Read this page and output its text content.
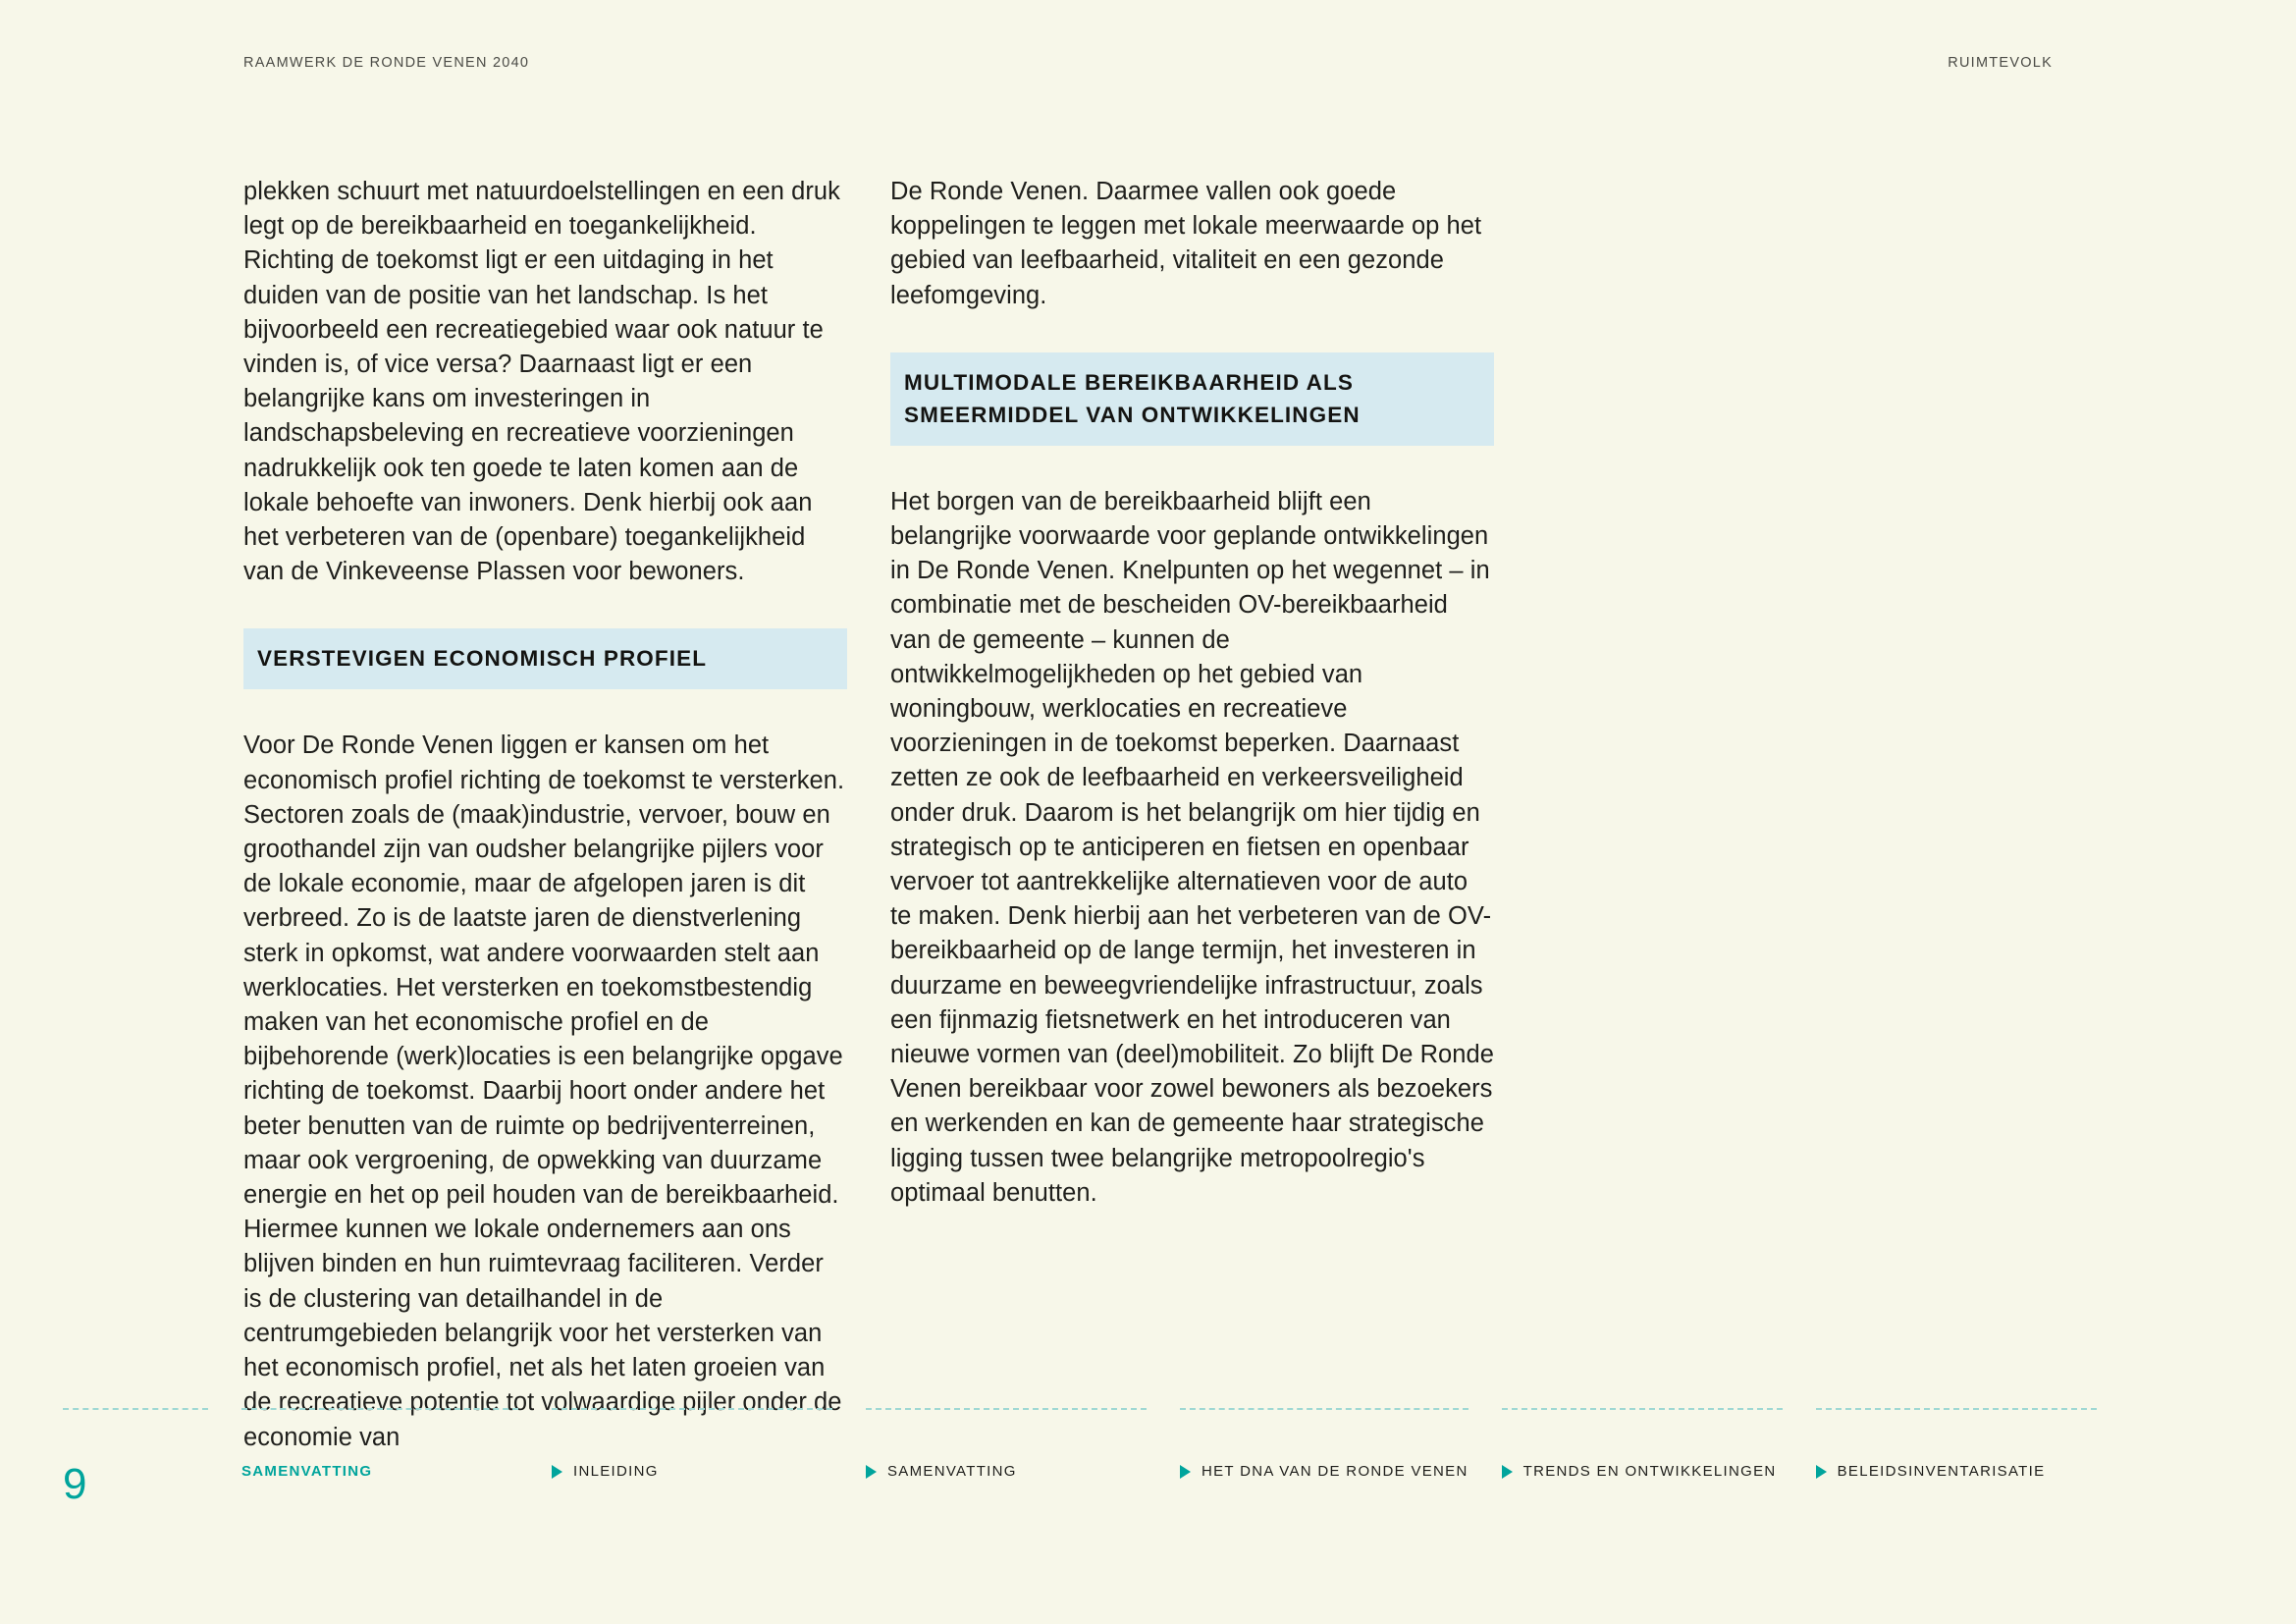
RAAMWERK DE RONDE VENEN 2040	RUIMTEVOLK

plekken schuurt met natuurdoelstellingen en een druk legt op de bereikbaarheid en toegankelijkheid. Richting de toekomst ligt er een uitdaging in het duiden van de positie van het landschap. Is het bijvoorbeeld een recreatiegebied waar ook natuur te vinden is, of vice versa? Daarnaast ligt er een belangrijke kans om investeringen in landschapsbeleving en recreatieve voorzieningen nadrukkelijk ook ten goede te laten komen aan de lokale behoefte van inwoners. Denk hierbij ook aan het verbeteren van de (openbare) toegankelijkheid van de Vinkeveense Plassen voor bewoners.

VERSTEVIGEN ECONOMISCH PROFIEL

Voor De Ronde Venen liggen er kansen om het economisch profiel richting de toekomst te versterken. Sectoren zoals de (maak)industrie, vervoer, bouw en groothandel zijn van oudsher belangrijke pijlers voor de lokale economie, maar de afgelopen jaren is dit verbreed. Zo is de laatste jaren de dienstverlening sterk in opkomst, wat andere voorwaarden stelt aan werklocaties. Het versterken en toekomstbestendig maken van het economische profiel en de bijbehorende (werk)locaties is een belangrijke opgave richting de toekomst. Daarbij hoort onder andere het beter benutten van de ruimte op bedrijventerreinen, maar ook vergroening, de opwekking van duurzame energie en het op peil houden van de bereikbaarheid. Hiermee kunnen we lokale ondernemers aan ons blijven binden en hun ruimtevraag faciliteren. Verder is de clustering van detailhandel in de centrumgebieden belangrijk voor het versterken van het economisch profiel, net als het laten groeien van de recreatieve potentie tot volwaardige pijler onder de economie van

De Ronde Venen. Daarmee vallen ook goede koppelingen te leggen met lokale meerwaarde op het gebied van leefbaarheid, vitaliteit en een gezonde leefomgeving.

MULTIMODALE BEREIKBAARHEID ALS SMEERMIDDEL VAN ONTWIKKELINGEN

Het borgen van de bereikbaarheid blijft een belangrijke voorwaarde voor geplande ontwikkelingen in De Ronde Venen. Knelpunten op het wegennet – in combinatie met de bescheiden OV-bereikbaarheid van de gemeente – kunnen de ontwikkelmogelijkheden op het gebied van woningbouw, werklocaties en recreatieve voorzieningen in de toekomst beperken. Daarnaast zetten ze ook de leefbaarheid en verkeersveiligheid onder druk. Daarom is het belangrijk om hier tijdig en strategisch op te anticiperen en fietsen en openbaar vervoer tot aantrekkelijke alternatieven voor de auto te maken. Denk hierbij aan het verbeteren van de OV-bereikbaarheid op de lange termijn, het investeren in duurzame en beweegvriendelijke infrastructuur, zoals een fijnmazig fietsnetwerk en het introduceren van nieuwe vormen van (deel)mobiliteit. Zo blijft De Ronde Venen bereikbaar voor zowel bewoners als bezoekers en werkenden en kan de gemeente haar strategische ligging tussen twee belangrijke metropoolregio's optimaal benutten.

9	SAMENVATTING	INLEIDING	SAMENVATTING	HET DNA VAN DE RONDE VENEN	TRENDS EN ONTWIKKELINGEN	BELEIDSINVENTARISATIE
